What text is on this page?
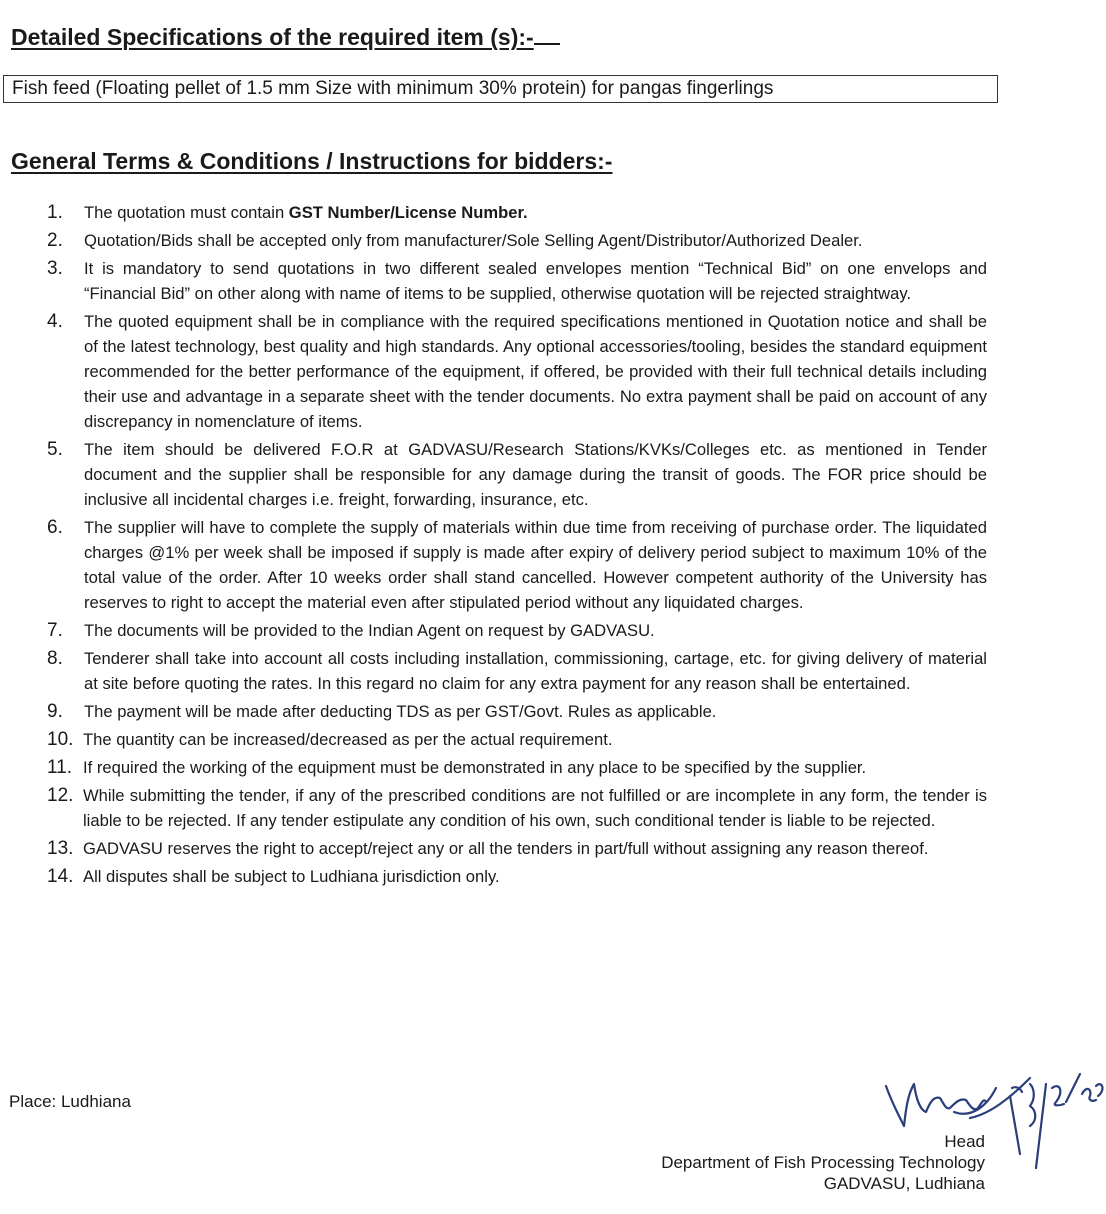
Detailed Specifications of the required item (s):-
Fish feed (Floating pellet of 1.5 mm Size with minimum 30% protein) for pangas fingerlings
General Terms & Conditions / Instructions for bidders:-
1. The quotation must contain GST Number/License Number.
2. Quotation/Bids shall be accepted only from manufacturer/Sole Selling Agent/Distributor/Authorized Dealer.
3. It is mandatory to send quotations in two different sealed envelopes mention “Technical Bid” on one envelops and “Financial Bid” on other along with name of items to be supplied, otherwise quotation will be rejected straightway.
4. The quoted equipment shall be in compliance with the required specifications mentioned in Quotation notice and shall be of the latest technology, best quality and high standards. Any optional accessories/tooling, besides the standard equipment recommended for the better performance of the equipment, if offered, be provided with their full technical details including their use and advantage in a separate sheet with the tender documents. No extra payment shall be paid on account of any discrepancy in nomenclature of items.
5. The item should be delivered F.O.R at GADVASU/Research Stations/KVKs/Colleges etc. as mentioned in Tender document and the supplier shall be responsible for any damage during the transit of goods. The FOR price should be inclusive all incidental charges i.e. freight, forwarding, insurance, etc.
6. The supplier will have to complete the supply of materials within due time from receiving of purchase order. The liquidated charges @1% per week shall be imposed if supply is made after expiry of delivery period subject to maximum 10% of the total value of the order. After 10 weeks order shall stand cancelled. However competent authority of the University has reserves to right to accept the material even after stipulated period without any liquidated charges.
7. The documents will be provided to the Indian Agent on request by GADVASU.
8. Tenderer shall take into account all costs including installation, commissioning, cartage, etc. for giving delivery of material at site before quoting the rates. In this regard no claim for any extra payment for any reason shall be entertained.
9. The payment will be made after deducting TDS as per GST/Govt. Rules as applicable.
10. The quantity can be increased/decreased as per the actual requirement.
11. If required the working of the equipment must be demonstrated in any place to be specified by the supplier.
12. While submitting the tender, if any of the prescribed conditions are not fulfilled or are incomplete in any form, the tender is liable to be rejected. If any tender estipulate any condition of his own, such conditional tender is liable to be rejected.
13. GADVASU reserves the right to accept/reject any or all the tenders in part/full without assigning any reason thereof.
14. All disputes shall be subject to Ludhiana jurisdiction only.
Place: Ludhiana
Head
Department of Fish Processing Technology
GADVASU, Ludhiana
